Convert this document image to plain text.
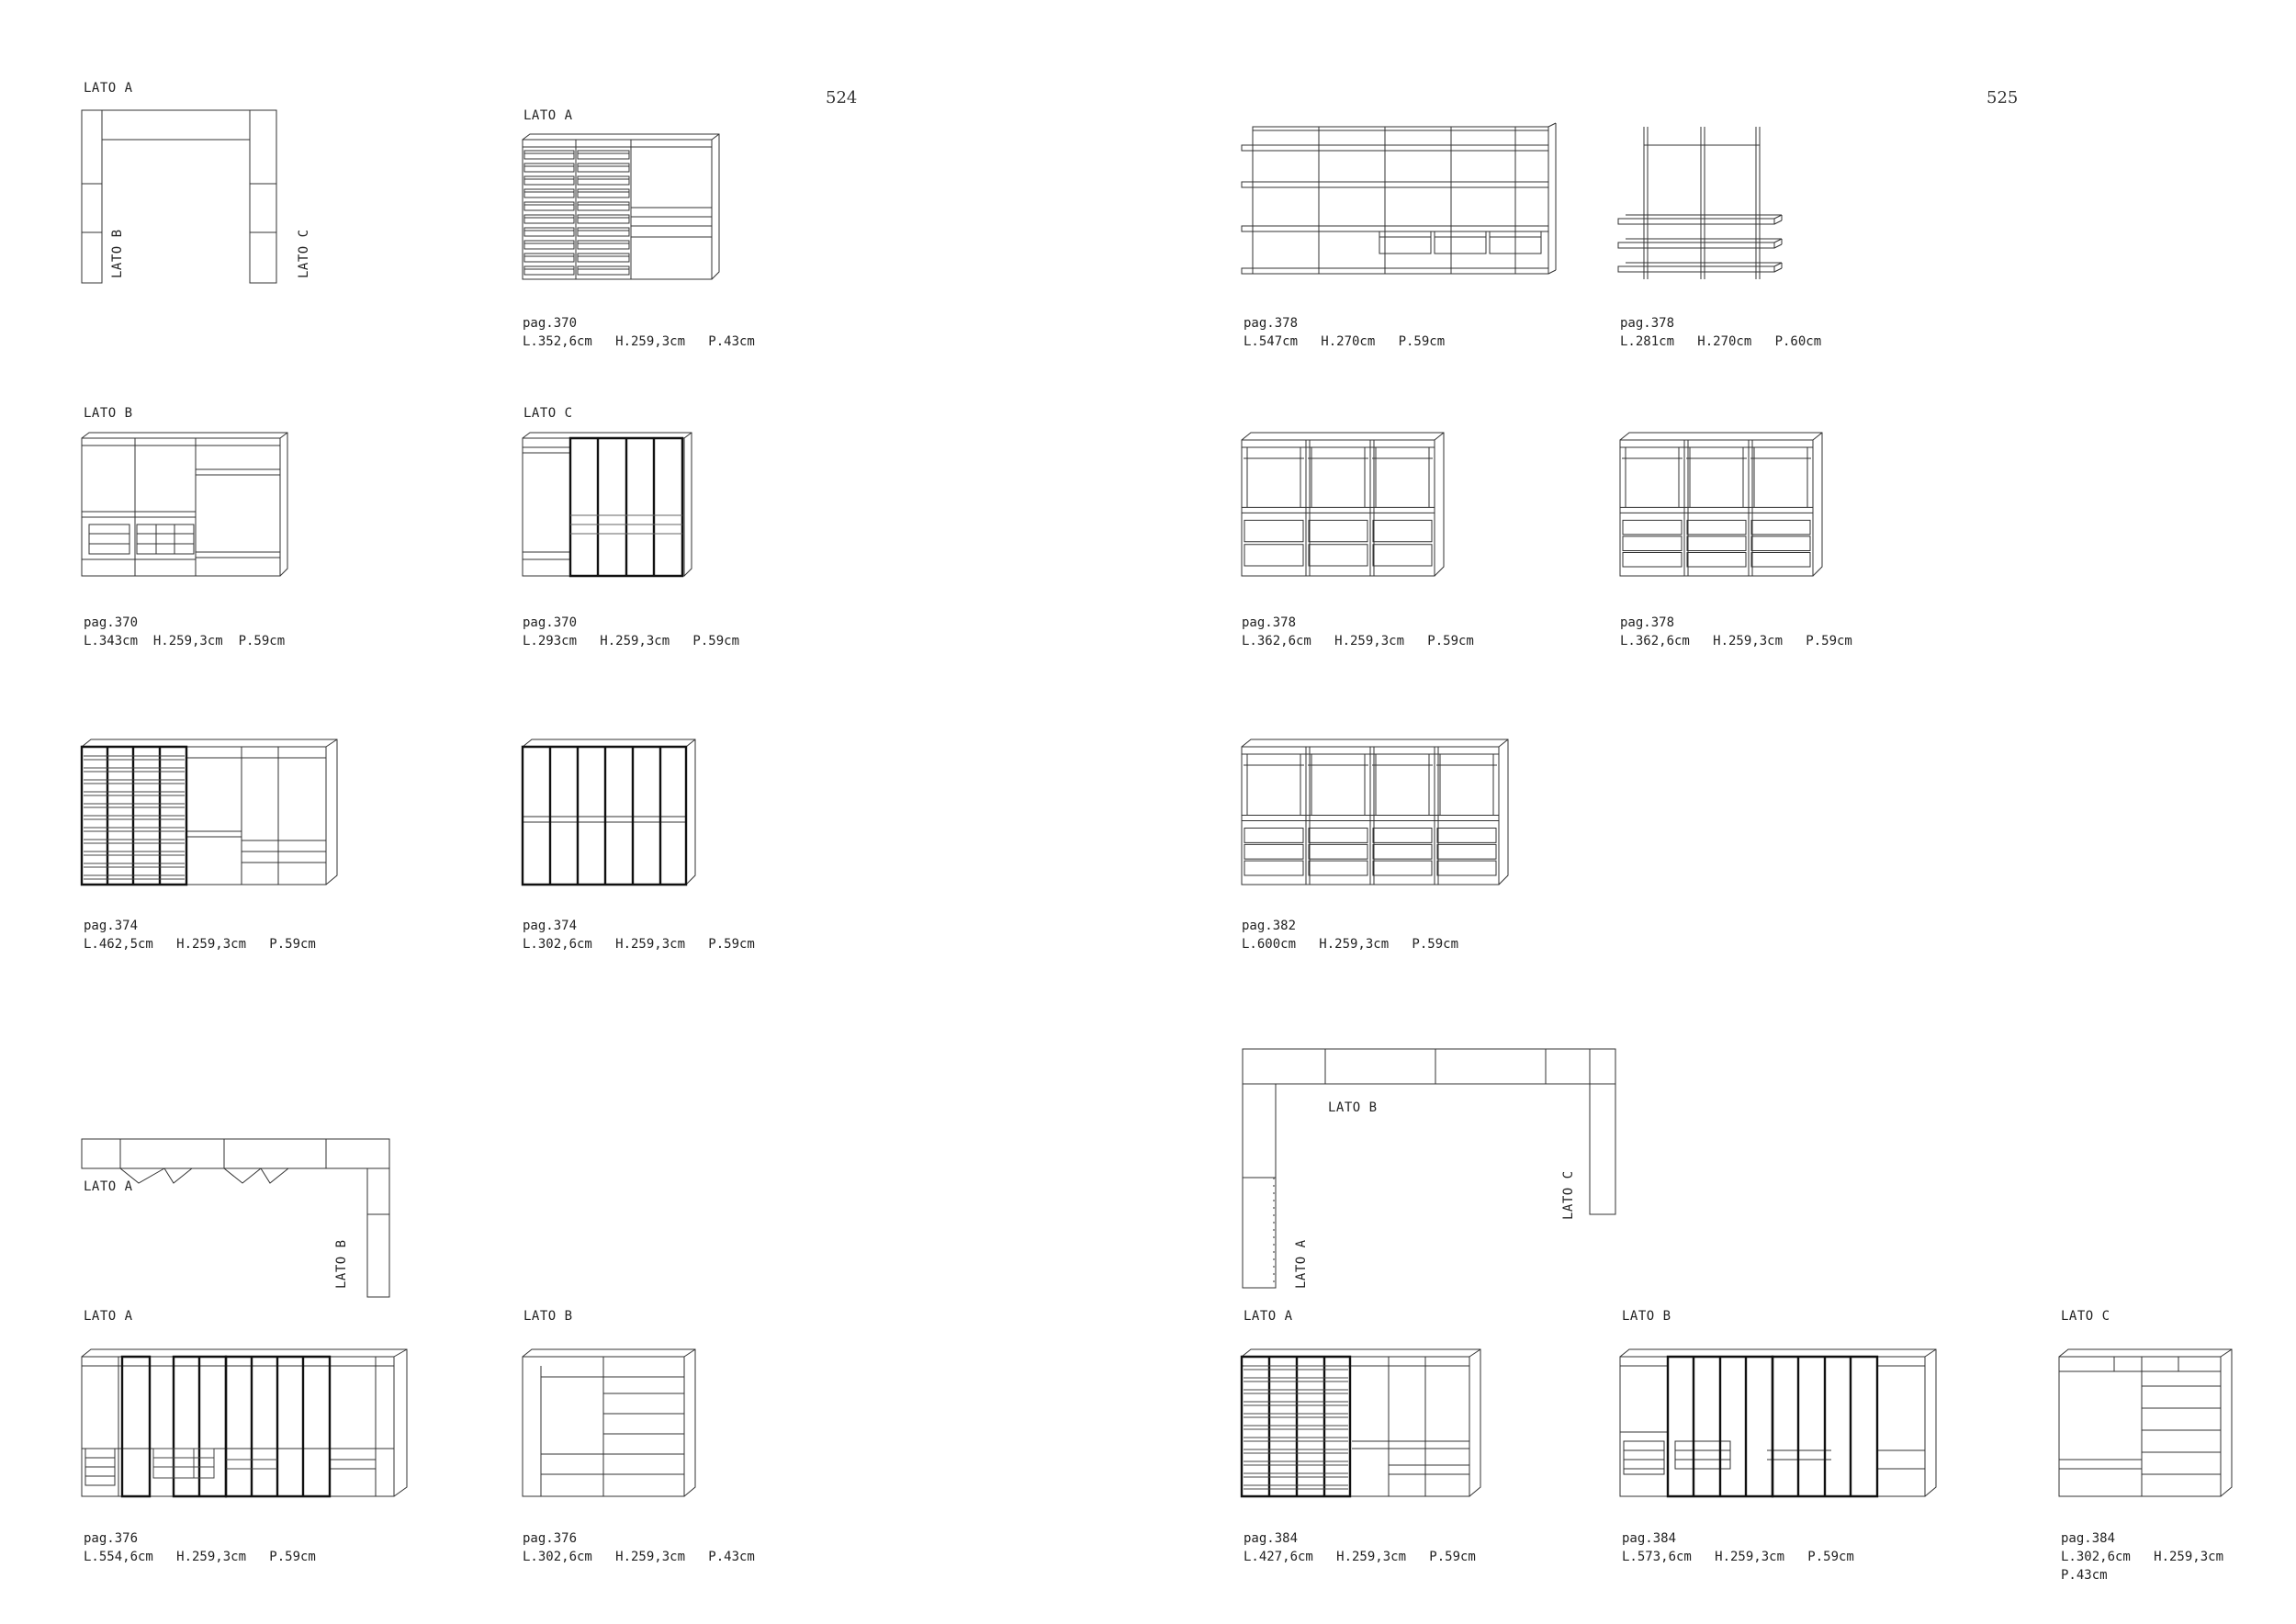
524	525
LATO A
LATO B	LATO C
LATO A
pag.370
L.352,6cm   H.259,3cm   P.43cm
LATO B
pag.370
L.343cm  H.259,3cm  P.59cm
LATO C
pag.370
L.293cm   H.259,3cm   P.59cm
pag.374
L.462,5cm   H.259,3cm   P.59cm
pag.374
L.302,6cm   H.259,3cm   P.59cm
LATO A
LATO B
LATO A
pag.376
L.554,6cm   H.259,3cm   P.59cm
LATO B
pag.376
L.302,6cm   H.259,3cm   P.43cm
pag.378
L.547cm   H.270cm   P.59cm
pag.378
L.281cm   H.270cm   P.60cm
pag.378
L.362,6cm   H.259,3cm   P.59cm
pag.378
L.362,6cm   H.259,3cm   P.59cm
pag.382
L.600cm   H.259,3cm   P.59cm
LATO B
LATO C
LATO A
LATO A
pag.384
L.427,6cm   H.259,3cm   P.59cm
LATO B
pag.384
L.573,6cm   H.259,3cm   P.59cm
LATO C
pag.384
L.302,6cm   H.259,3cm
P.43cm
